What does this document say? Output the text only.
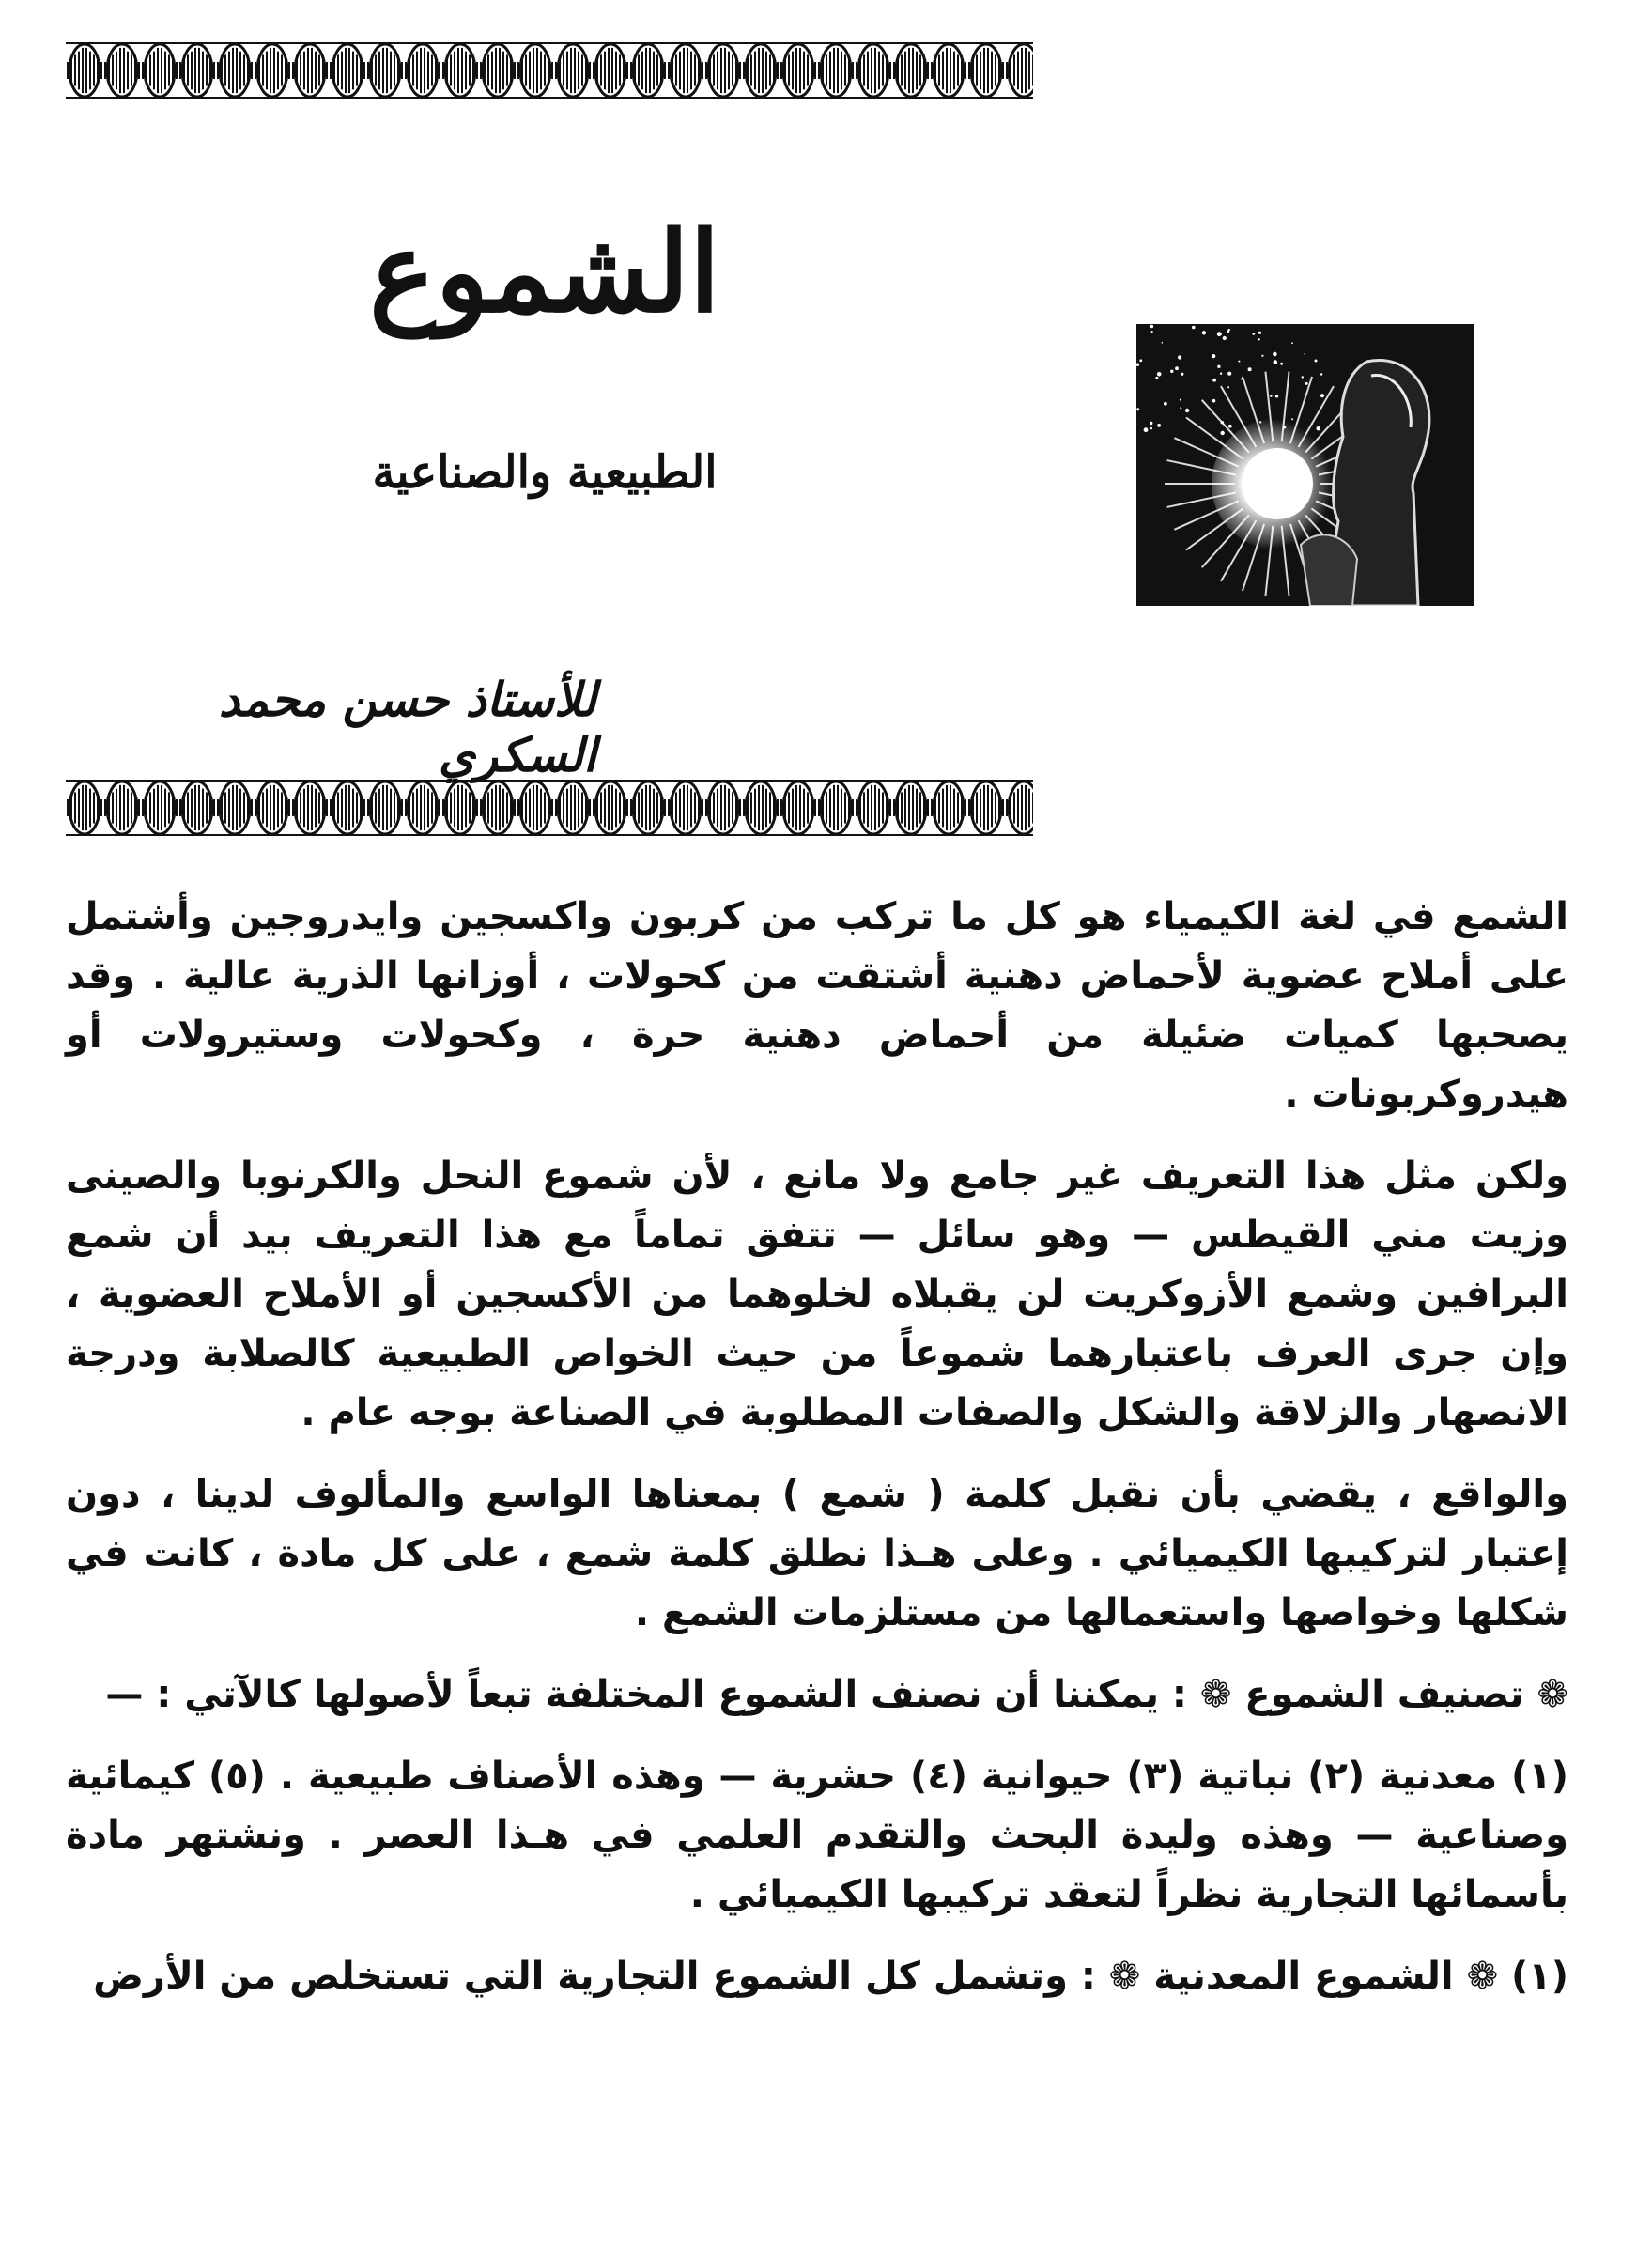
الشموع
الطبيعية والصناعية
للأستاذ حسن محمد السكري

الشمع في لغة الكيمياء هو كل ما تركب من كربون واكسجين وايدروجين وأشتمل على أملاح عضوية لأحماض دهنية أشتقت من كحولات ، أوزانها الذرية عالية . وقد يصحبها كميات ضئيلة من أحماض دهنية حرة ، وكحولات وستيرولات أو هيدروكربونات .

ولكن مثل هذا التعريف غير جامع ولا مانع ، لأن شموع النحل والكرنوبا والصينى وزيت مني القيطس — وهو سائل — تتفق تماماً مع هذا التعريف بيد أن شمع البرافين وشمع الأزوكريت لن يقبلاه لخلوهما من الأكسجين أو الأملاح العضوية ، وإن جرى العرف باعتبارهما شموعاً من حيث الخواص الطبيعية كالصلابة ودرجة الانصهار والزلاقة والشكل والصفات المطلوبة في الصناعة بوجه عام .

والواقع ، يقضي بأن نقبل كلمة ( شمع ) بمعناها الواسع والمألوف لدينا ، دون إعتبار لتركيبها الكيميائي . وعلى هـذا نطلق كلمة شمع ، على كل مادة ، كانت في شكلها وخواصها واستعمالها من مستلزمات الشمع .

❁ تصنيف الشموع ❁ : يمكننا أن نصنف الشموع المختلفة تبعاً لأصولها كالآتي : —

(١) معدنية (٢) نباتية (٣) حيوانية (٤) حشرية — وهذه الأصناف طبيعية . (٥) كيمائية وصناعية — وهذه وليدة البحث والتقدم العلمي في هـذا العصر . ونشتهر مادة بأسمائها التجارية نظراً لتعقد تركيبها الكيميائي .

(١) ❁ الشموع المعدنية ❁ : وتشمل كل الشموع التجارية التي تستخلص من الأرض
